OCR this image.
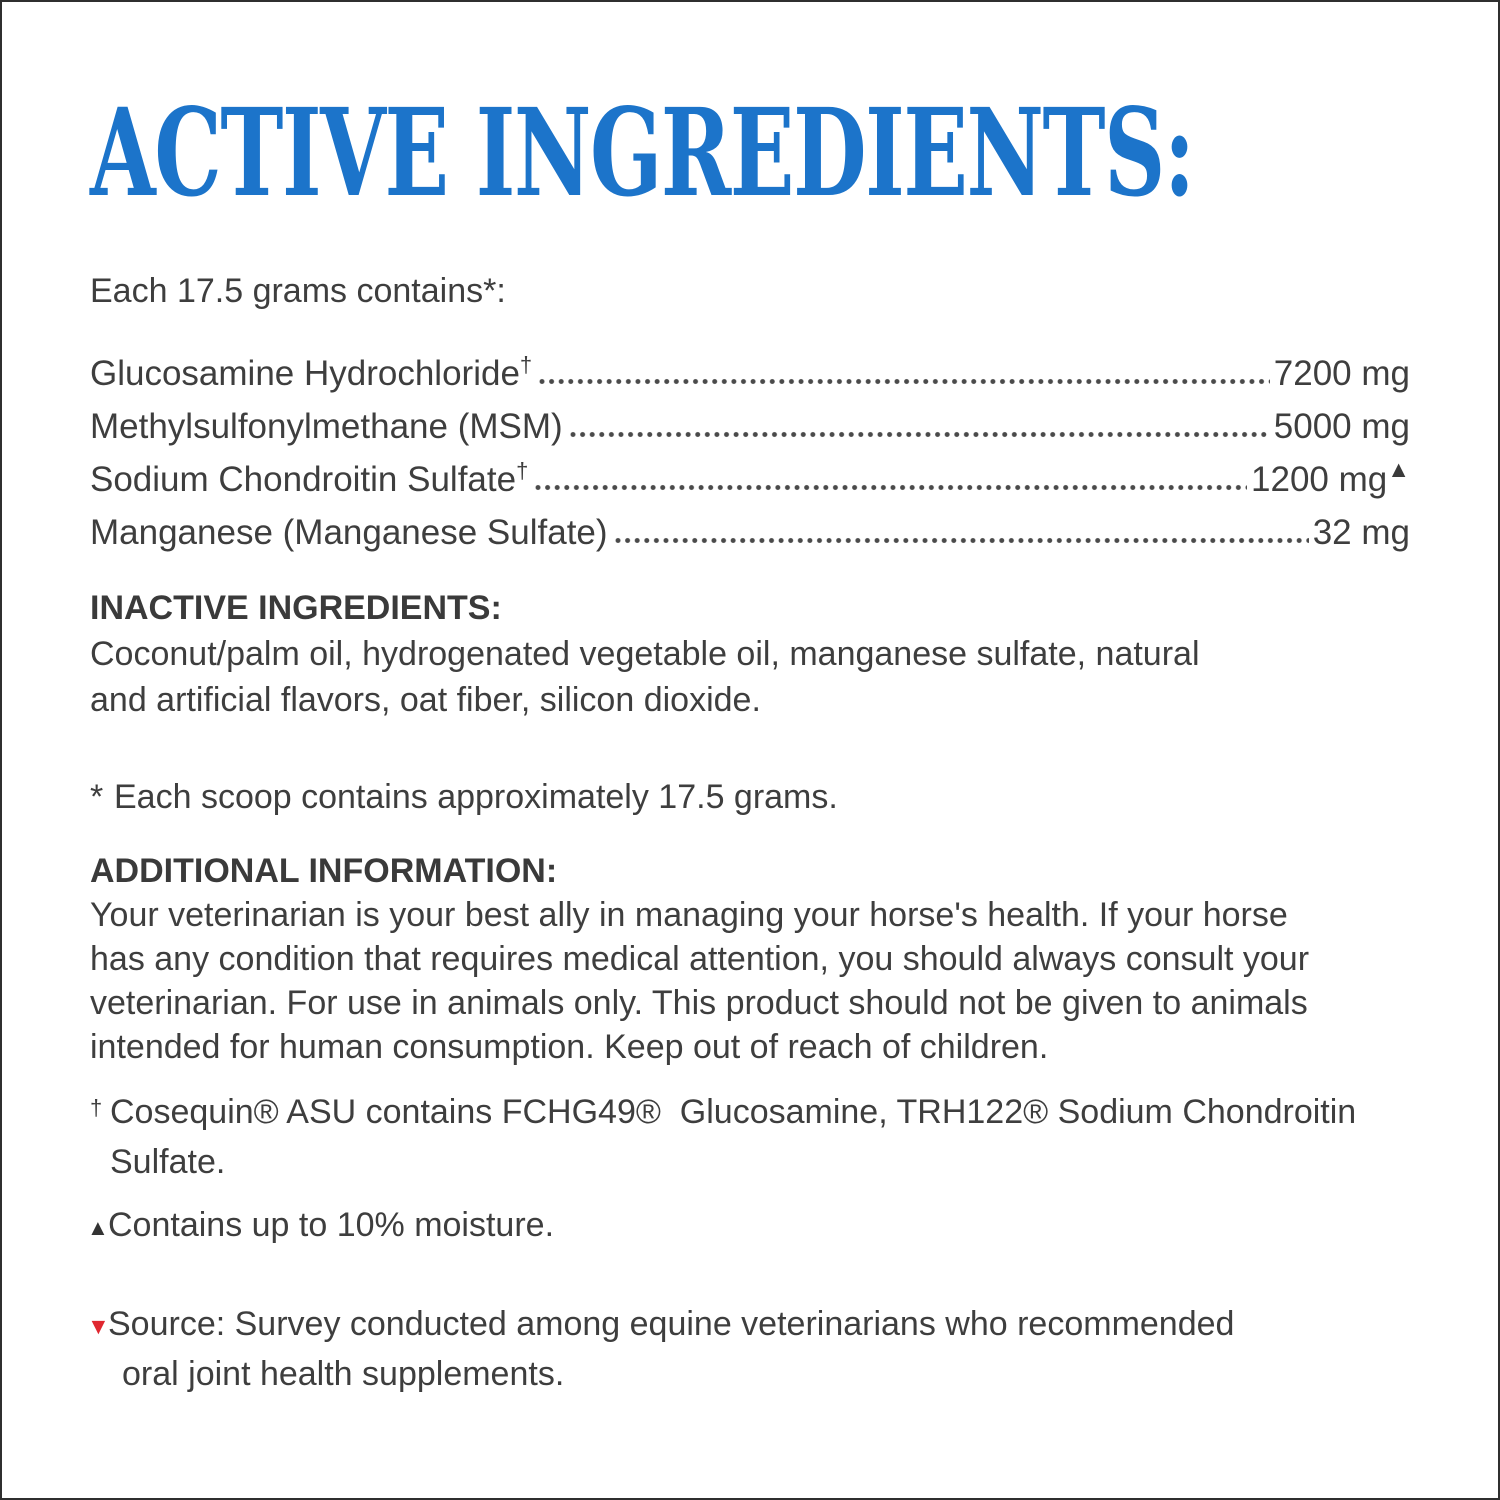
ACTIVE INGREDIENTS:
Each 17.5 grams contains*:
Glucosamine Hydrochloride†	7200 mg
Methylsulfonylmethane (MSM)	5000 mg
Sodium Chondroitin Sulfate†	1200 mg▲
Manganese (Manganese Sulfate)	32 mg
INACTIVE INGREDIENTS:
Coconut/palm oil, hydrogenated vegetable oil, manganese sulfate, natural
and artificial flavors, oat fiber, silicon dioxide.
* Each scoop contains approximately 17.5 grams.
ADDITIONAL INFORMATION:
Your veterinarian is your best ally in managing your horse's health. If your horse
has any condition that requires medical attention, you should always consult your
veterinarian. For use in animals only. This product should not be given to animals
intended for human consumption. Keep out of reach of children.
† Cosequin® ASU contains FCHG49®  Glucosamine, TRH122® Sodium Chondroitin
Sulfate.
▲ Contains up to 10% moisture.
▼
Source: Survey conducted among equine veterinarians who recommended
oral joint health supplements.
